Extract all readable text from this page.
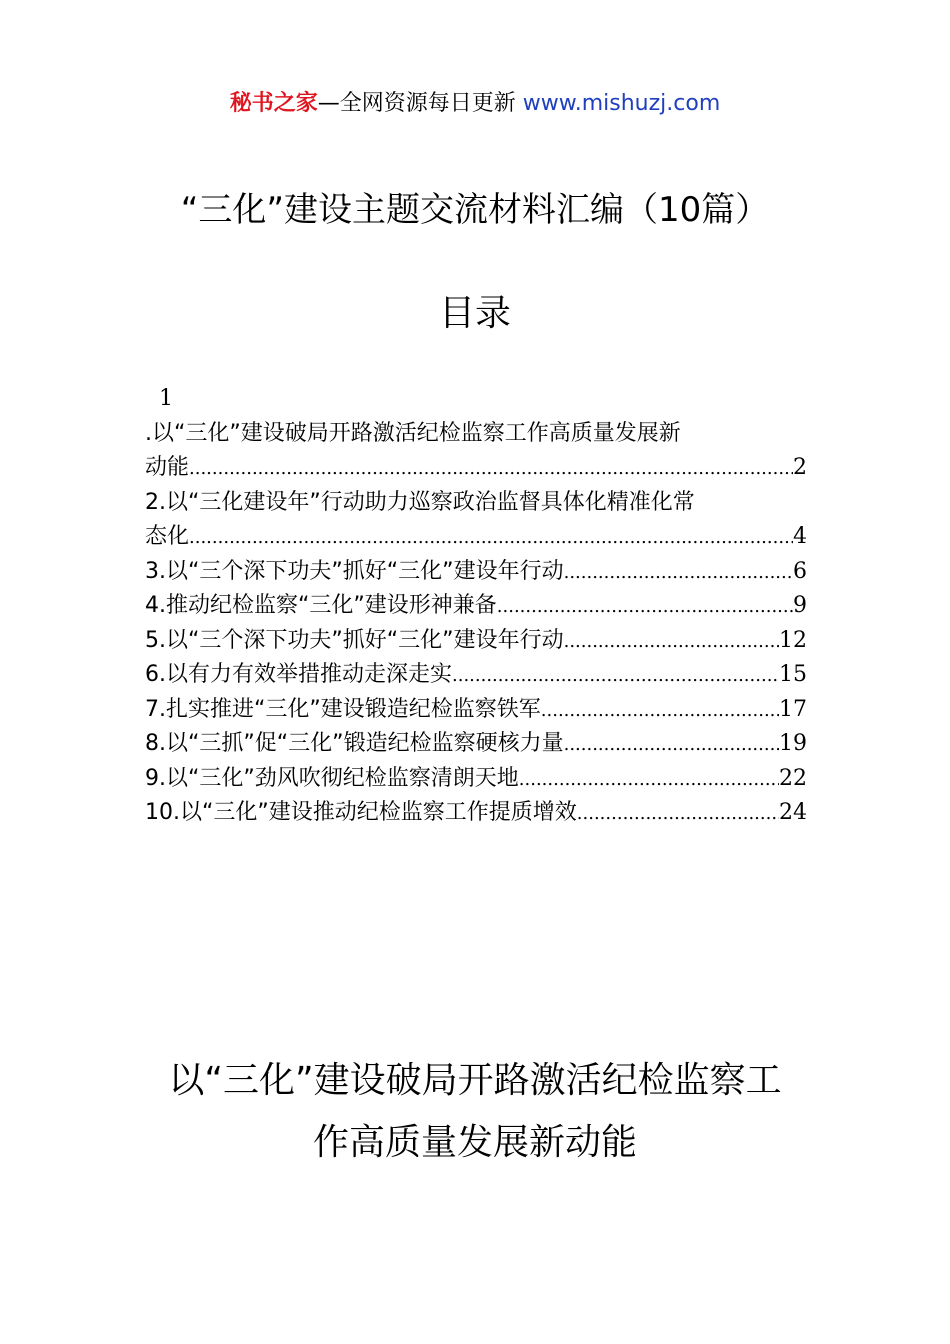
秘书之家—全网资源每日更新 www.mishuzj.com
“三化”建设主题交流材料汇编（10篇）
目录
1
.以“三化”建设破局开路激活纪检监察工作高质量发展新
动能 .....	2
2.以“三化建设年”行动助力巡察政治监督具体化精准化常
态化 .....	4
3.以“三个深下功夫”抓好“三化”建设年行动 .....	6
4.推动纪检监察“三化”建设形神兼备 .....	9
5.以“三个深下功夫”抓好“三化”建设年行动 .....	12
6.以有力有效举措推动走深走实 .....	15
7.扎实推进“三化”建设锻造纪检监察铁军 .....	17
8.以“三抓”促“三化”锻造纪检监察硬核力量 .....	19
9.以“三化”劲风吹彻纪检监察清朗天地 .....	22
10.以“三化”建设推动纪检监察工作提质增效 .....	24
以“三化”建设破局开路激活纪检监察工
作高质量发展新动能
